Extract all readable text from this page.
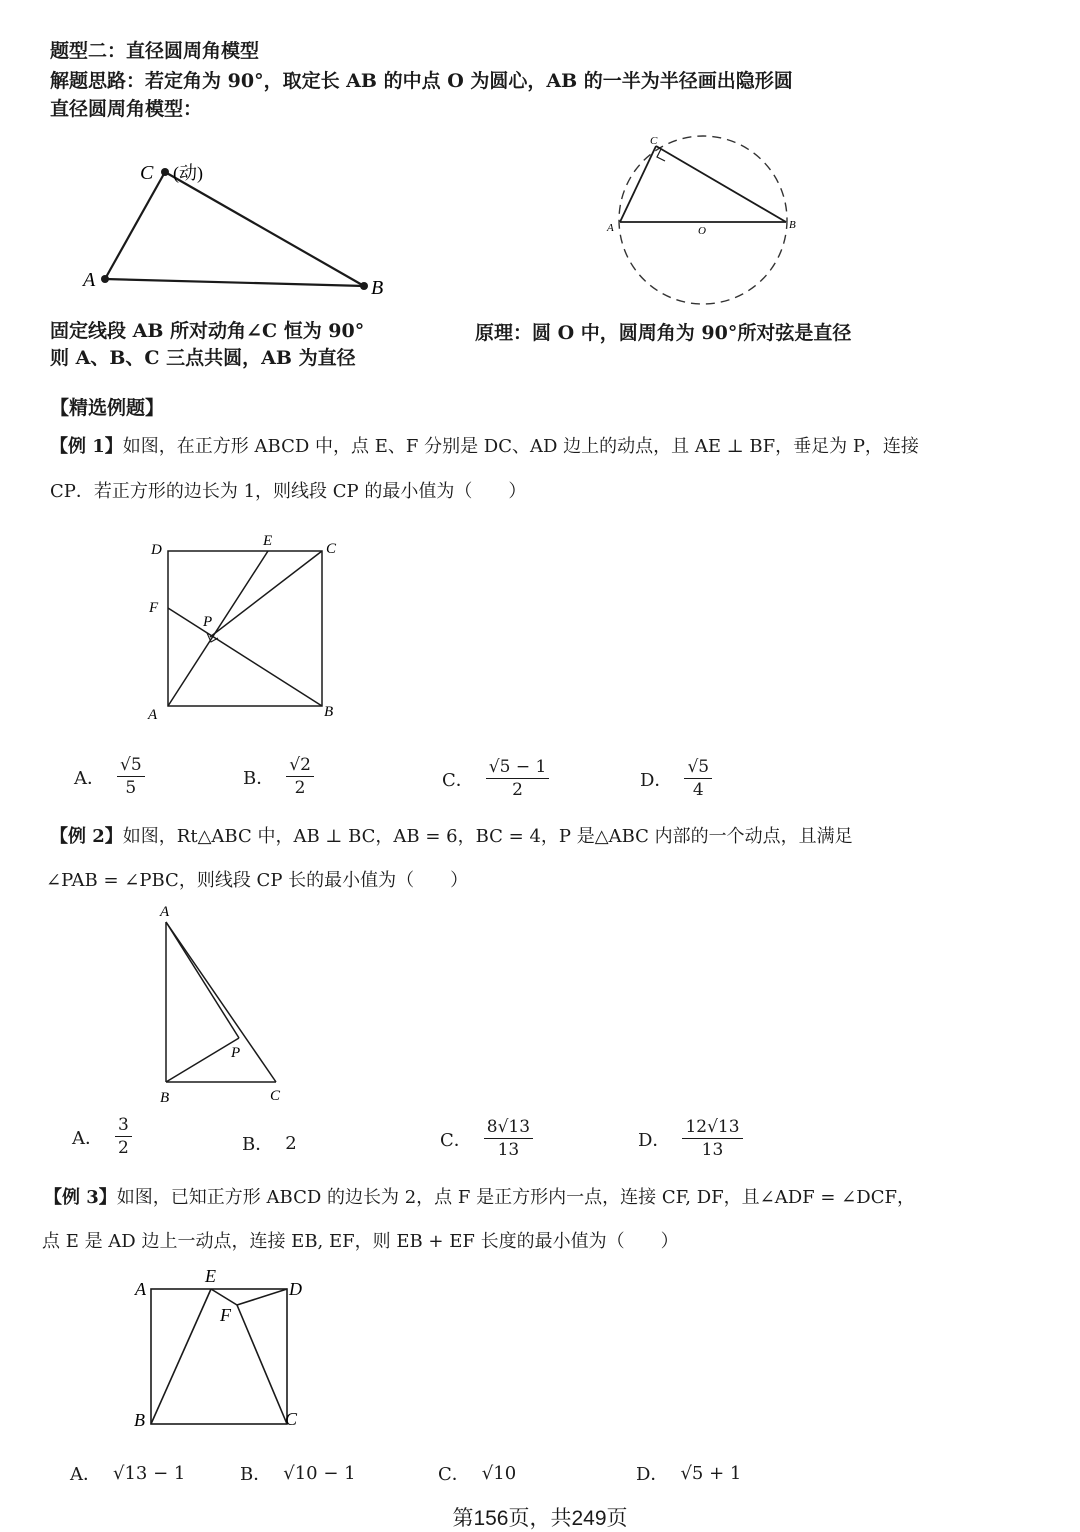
题型二：直径圆周角模型
解题思路：若定角为 90°，取定长 AB 的中点 O 为圆心，AB 的一半为半径画出隐形圆
直径圆周角模型：
C (动)
A	B
C
A	O	B
固定线段 AB 所对动角∠C 恒为 90°
则 A、B、C 三点共圆，AB 为直径
原理：圆 O 中，圆周角为 90°所对弦是直径
【精选例题】
【例 1】如图，在正方形 ABCD 中，点 E、F 分别是 DC、AD 边上的动点，且 AE ⊥ BF，垂足为 P，连接
CP．若正方形的边长为 1，则线段 CP 的最小值为（　　）
D
E	C
F
P
A	B
A． $\frac{√5}{5}$	B． $\frac{√2}{2}$	C． $\frac{√5 - 1}{2}$	D． $\frac{√5}{4}$
【例 2】如图，Rt△ABC 中，AB ⊥ BC，AB = 6，BC = 4，P 是△ABC 内部的一个动点，且满足
∠PAB = ∠PBC，则线段 CP 长的最小值为（　　）
A
P
B	C
A． $\frac{3}{2}$	B． 2	C． $\frac{8√13}{13}$	D． $\frac{12√13}{13}$
【例 3】如图，已知正方形 ABCD 的边长为 2，点 F 是正方形内一点，连接 CF, DF，且∠ADF = ∠DCF，
点 E 是 AD 边上一动点，连接 EB, EF，则 EB + EF 长度的最小值为（　　）
A
E
D
F
B	C
A． √13 − 1	B． √10 − 1	C． √10	D． √5 + 1
第156页，共249页
